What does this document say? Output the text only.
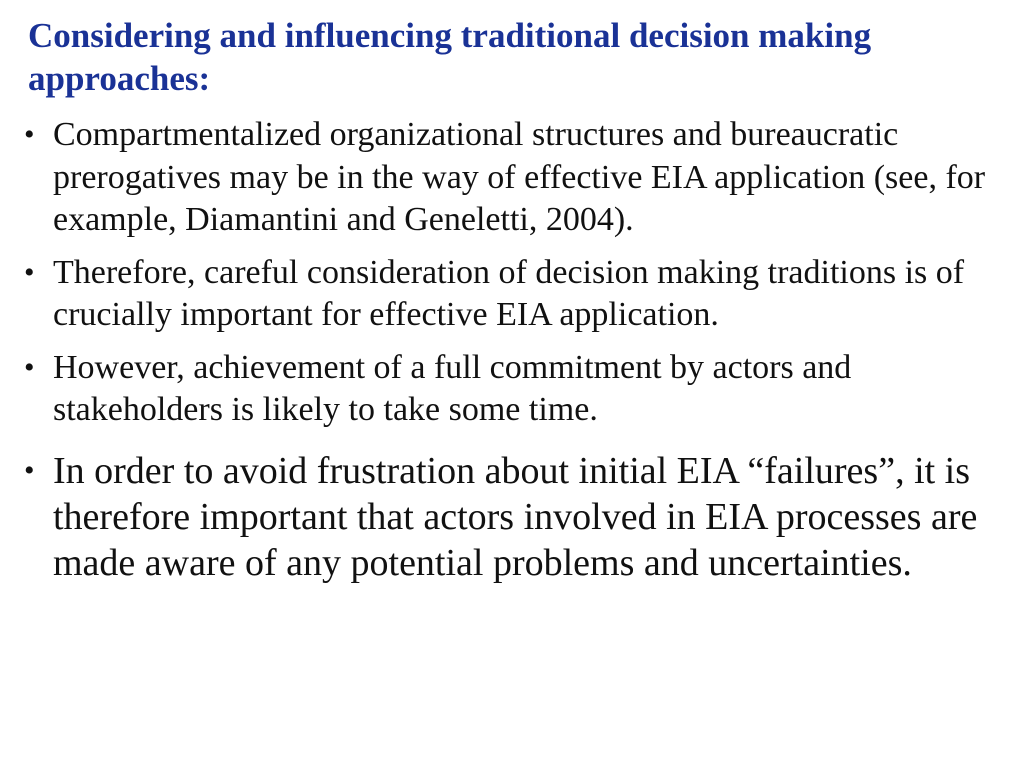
Considering and influencing traditional decision making approaches:
• Compartmentalized organizational structures and bureaucratic prerogatives may be in the way of effective EIA application (see, for example, Diamantini and Geneletti, 2004).
• Therefore, careful consideration of decision making traditions is of crucially important for effective EIA application.
• However, achievement of a full commitment by actors and stakeholders is likely to take some time.
• In order to avoid frustration about initial EIA “failures”, it is therefore important that actors involved in EIA processes are made aware of any potential problems and uncertainties.
